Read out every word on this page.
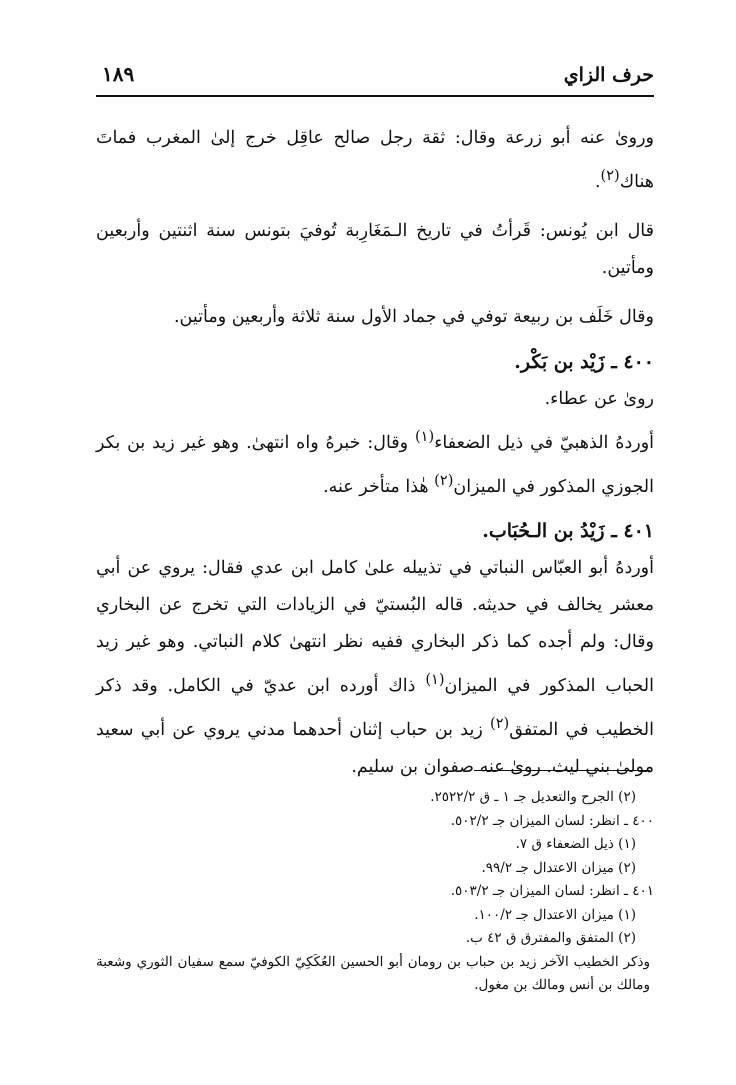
حرف الزاي
١٨٩

ورویٰ عنه أبو زرعة وقال: ثقة رجل صالح عاقِل خرج إلىٰ المغرب فماتَ هناك$^{(٢)}$.

قال ابن يُونس: قَرأتُ في تاريخ الـمَغَارِبة تُوفيَ بتونس سنة اثنتين وأربعين ومأتين.

وقال خَلَف بن ربيعة توفي في جماد الأول سنة ثلاثة وأربعين ومأتين.

٤٠٠ ـ زَيْد بن بَكْر.

رویٰ عن عطاء.

أوردهُ الذهبيّ في ذيل الضعفاء$^{(١)}$ وقال: خبرهُ واه انتهىٰ. وهو غير زيد بن بكر الجوزي المذكور في الميزان$^{(٢)}$ هٰذا متأخر عنه.

٤٠١ ـ زَيْدُ بن الـحُبَاب.

أوردهُ أبو العبّاس النباتي في تذييله علىٰ كامل ابن عدي فقال: يروي عن أبي معشر يخالف في حديثه. قاله البُستيّ في الزيادات التي تخرج عن البخاري وقال: ولم أجده كما ذكر البخاري ففيه نظر انتهىٰ كلام النباتي. وهو غير زيد الحباب المذكور في الميزان$^{(١)}$ ذاك أورده ابن عديّ في الكامل. وقد ذكر الخطيب في المتفق$^{(٢)}$ زيد بن حباب إثنان أحدهما مدني يروي عن أبي سعيد مولىٰ بني ليث. رویٰ عنه صفوان بن سليم.

(٢) الجرح والتعديل جـ ١ ـ ق ٢٥٢٢/٢.

٤٠٠ ـ انظر: لسان الميزان جـ ٥٠٢/٢.

(١) ذيل الضعفاء ق ٧.

(٢) ميزان الاعتدال جـ ٩٩/٢.

٤٠١ ـ انظر: لسان الميزان جـ ٥٠٣/٢.

(١) ميزان الاعتدال جـ ١٠٠/٢.

(٢) المتفق والمفترق ق ٤٢ ب.

وذكر الخطيب الآخر زيد بن حباب بن رومان أبو الحسين العُكَكِيّ الكوفيّ سمع سفيان الثوري وشعبة ومالك بن أنس ومالك بن مغول.
